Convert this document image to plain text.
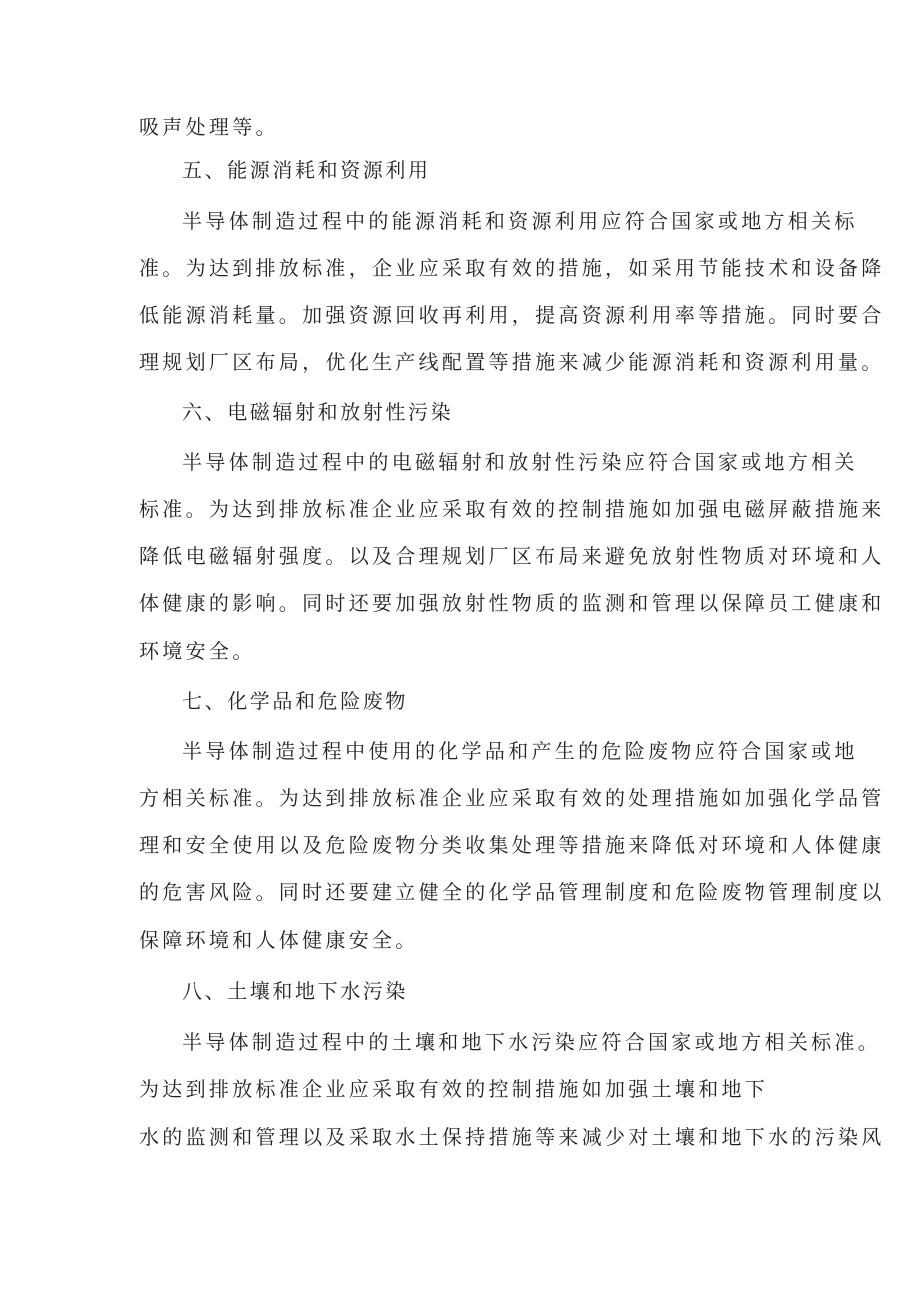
吸声处理等。
五、能源消耗和资源利用
半导体制造过程中的能源消耗和资源利用应符合国家或地方相关标
准。为达到排放标准，企业应采取有效的措施，如采用节能技术和设备降
低能源消耗量。加强资源回收再利用，提高资源利用率等措施。同时要合
理规划厂区布局，优化生产线配置等措施来减少能源消耗和资源利用量。
六、电磁辐射和放射性污染
半导体制造过程中的电磁辐射和放射性污染应符合国家或地方相关
标准。为达到排放标准企业应采取有效的控制措施如加强电磁屏蔽措施来
降低电磁辐射强度。以及合理规划厂区布局来避免放射性物质对环境和人
体健康的影响。同时还要加强放射性物质的监测和管理以保障员工健康和
环境安全。
七、化学品和危险废物
半导体制造过程中使用的化学品和产生的危险废物应符合国家或地
方相关标准。为达到排放标准企业应采取有效的处理措施如加强化学品管
理和安全使用以及危险废物分类收集处理等措施来降低对环境和人体健康
的危害风险。同时还要建立健全的化学品管理制度和危险废物管理制度以
保障环境和人体健康安全。
八、土壤和地下水污染
半导体制造过程中的土壤和地下水污染应符合国家或地方相关标准。
为达到排放标准企业应采取有效的控制措施如加强土壤和地下
水的监测和管理以及采取水土保持措施等来减少对土壤和地下水的污染风
